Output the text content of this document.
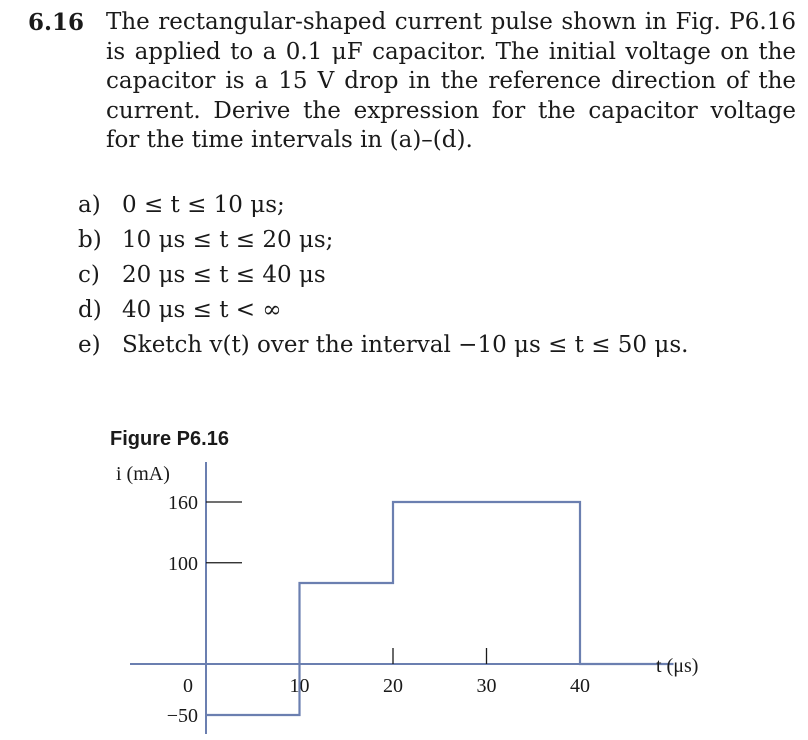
6.16 The rectangular-shaped current pulse shown in Fig. P6.16 is applied to a 0.1 μF capacitor. The initial voltage on the capacitor is a 15 V drop in the reference direction of the current. Derive the expression for the capacitor voltage for the time intervals in (a)–(d).
a) 0 ≤ t ≤ 10 μs;
b) 10 μs ≤ t ≤ 20 μs;
c) 20 μs ≤ t ≤ 40 μs
d) 40 μs ≤ t < ∞
e) Sketch v(t) over the interval −10 μs ≤ t ≤ 50 μs.
Figure P6.16
−50
100
160
10	20	30	40
i (mA)
t (μs)
0
